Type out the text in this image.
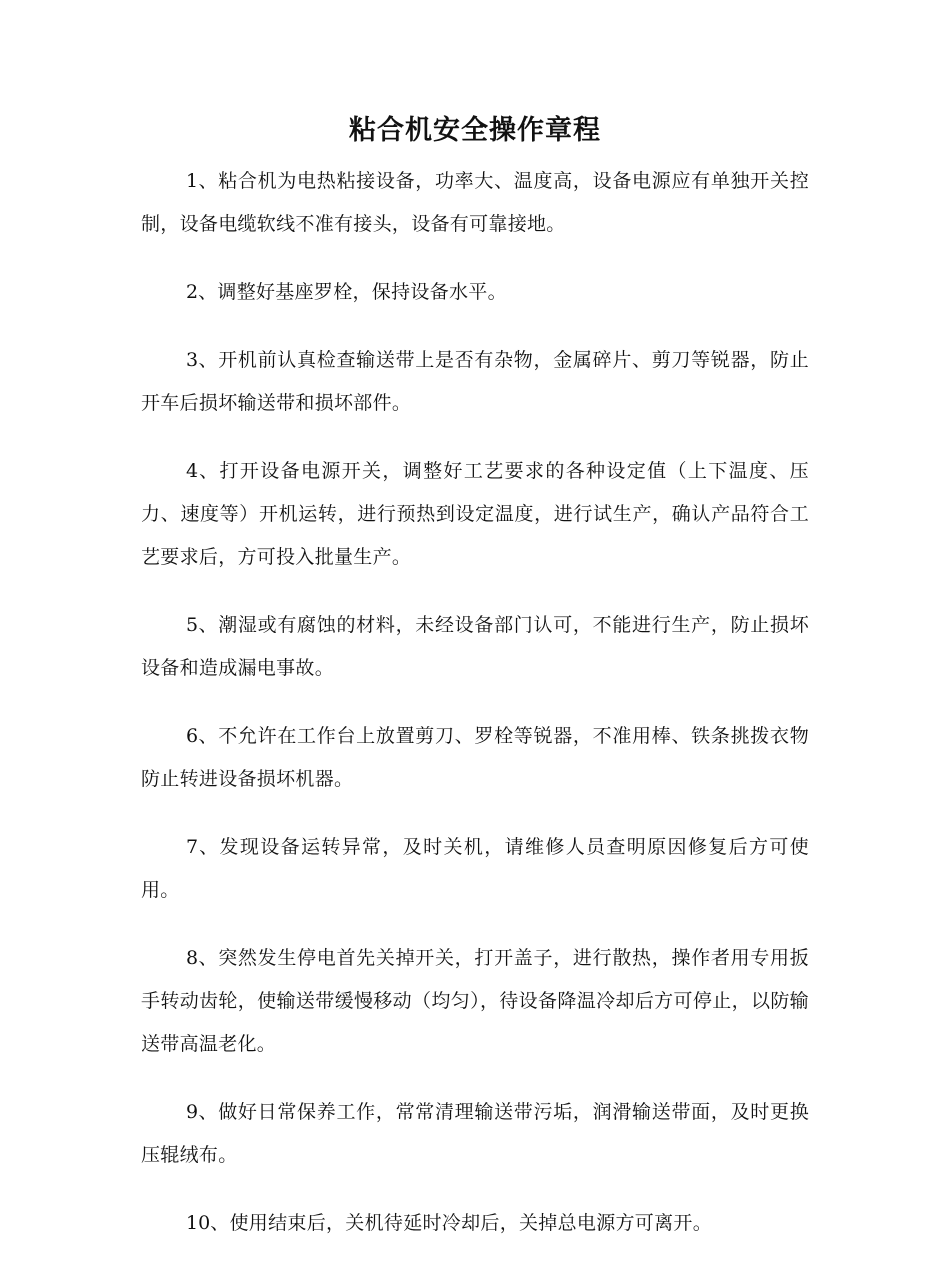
粘合机安全操作章程

1、粘合机为电热粘接设备，功率大、温度高，设备电源应有单独开关控制，设备电缆软线不准有接头，设备有可靠接地。

2、调整好基座罗栓，保持设备水平。

3、开机前认真检查输送带上是否有杂物，金属碎片、剪刀等锐器，防止开车后损坏输送带和损坏部件。

4、打开设备电源开关，调整好工艺要求的各种设定值（上下温度、压力、速度等）开机运转，进行预热到设定温度，进行试生产，确认产品符合工艺要求后，方可投入批量生产。

5、潮湿或有腐蚀的材料，未经设备部门认可，不能进行生产，防止损坏设备和造成漏电事故。

6、不允许在工作台上放置剪刀、罗栓等锐器，不准用棒、铁条挑拨衣物防止转进设备损坏机器。

7、发现设备运转异常，及时关机，请维修人员查明原因修复后方可使用。

8、突然发生停电首先关掉开关，打开盖子，进行散热，操作者用专用扳手转动齿轮，使输送带缓慢移动（均匀），待设备降温冷却后方可停止，以防输送带高温老化。

9、做好日常保养工作，常常清理输送带污垢，润滑输送带面，及时更换压辊绒布。

10、使用结束后，关机待延时冷却后，关掉总电源方可离开。
